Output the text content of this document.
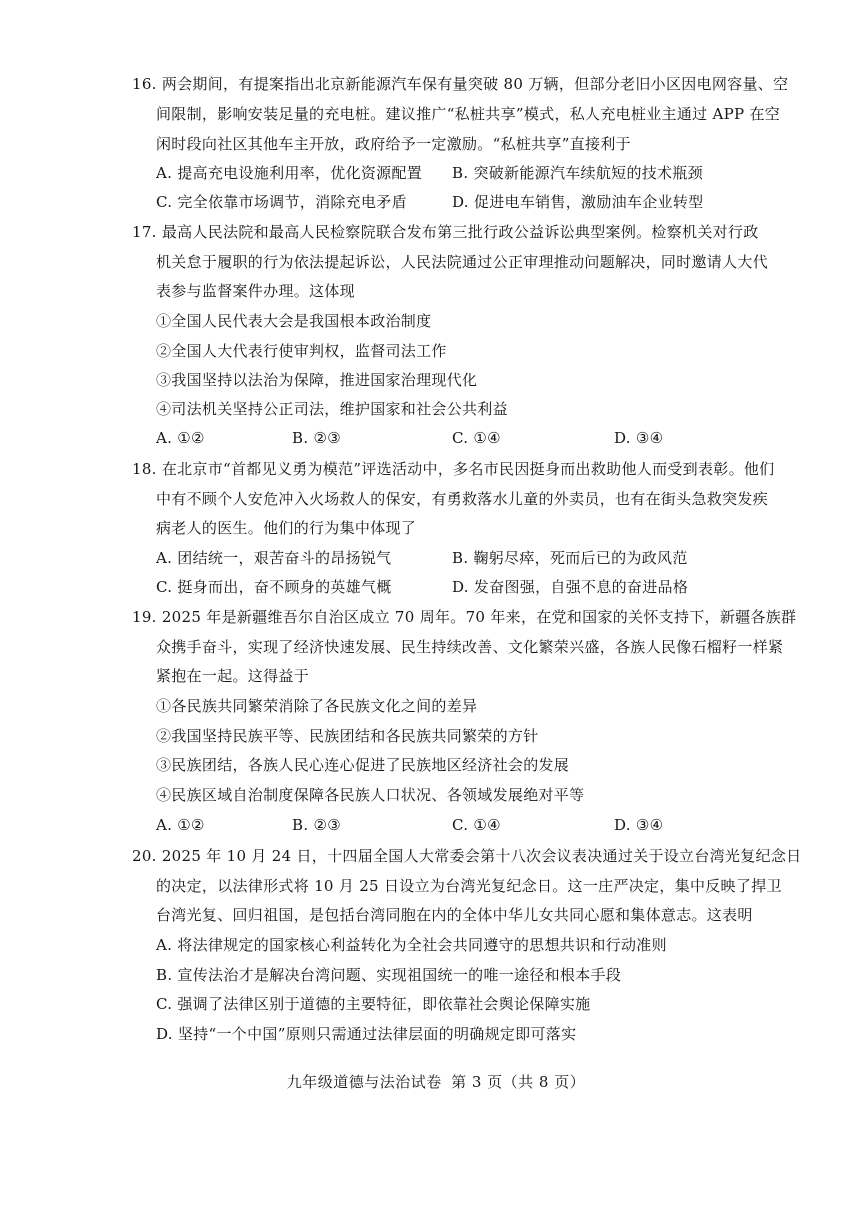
16. 两会期间，有提案指出北京新能源汽车保有量突破 80 万辆，但部分老旧小区因电网容量、空
间限制，影响安装足量的充电桩。建议推广“私桩共享”模式，私人充电桩业主通过 APP 在空
闲时段向社区其他车主开放，政府给予一定激励。“私桩共享”直接利于
A. 提高充电设施利用率，优化资源配置 B. 突破新能源汽车续航短的技术瓶颈
C. 完全依靠市场调节，消除充电矛盾	D. 促进电车销售，激励油车企业转型
17. 最高人民法院和最高人民检察院联合发布第三批行政公益诉讼典型案例。检察机关对行政
机关怠于履职的行为依法提起诉讼，人民法院通过公正审理推动问题解决，同时邀请人大代
表参与监督案件办理。这体现
①全国人民代表大会是我国根本政治制度
②全国人大代表行使审判权，监督司法工作
③我国坚持以法治为保障，推进国家治理现代化
④司法机关坚持公正司法，维护国家和社会公共利益
A. ①②	B. ②③	C. ①④	D. ③④
18. 在北京市“首都见义勇为模范”评选活动中，多名市民因挺身而出救助他人而受到表彰。他们
中有不顾个人安危冲入火场救人的保安，有勇救落水儿童的外卖员，也有在街头急救突发疾
病老人的医生。他们的行为集中体现了
A. 团结统一，艰苦奋斗的昂扬锐气	B. 鞠躬尽瘁，死而后已的为政风范
C. 挺身而出，奋不顾身的英雄气概	D. 发奋图强，自强不息的奋进品格
19. 2025 年是新疆维吾尔自治区成立 70 周年。70 年来，在党和国家的关怀支持下，新疆各族群
众携手奋斗，实现了经济快速发展、民生持续改善、文化繁荣兴盛，各族人民像石榴籽一样紧
紧抱在一起。这得益于
①各民族共同繁荣消除了各民族文化之间的差异
②我国坚持民族平等、民族团结和各民族共同繁荣的方针
③民族团结，各族人民心连心促进了民族地区经济社会的发展
④民族区域自治制度保障各民族人口状况、各领域发展绝对平等
A. ①②	B. ②③	C. ①④	D. ③④
20. 2025 年 10 月 24 日，十四届全国人大常委会第十八次会议表决通过关于设立台湾光复纪念日
的决定，以法律形式将 10 月 25 日设立为台湾光复纪念日。这一庄严决定，集中反映了捍卫
台湾光复、回归祖国，是包括台湾同胞在内的全体中华儿女共同心愿和集体意志。这表明
A. 将法律规定的国家核心利益转化为全社会共同遵守的思想共识和行动准则
B. 宣传法治才是解决台湾问题、实现祖国统一的唯一途径和根本手段
C. 强调了法律区别于道德的主要特征，即依靠社会舆论保障实施
D. 坚持“一个中国”原则只需通过法律层面的明确规定即可落实
九年级道德与法治试卷 第 3 页（共 8 页）
